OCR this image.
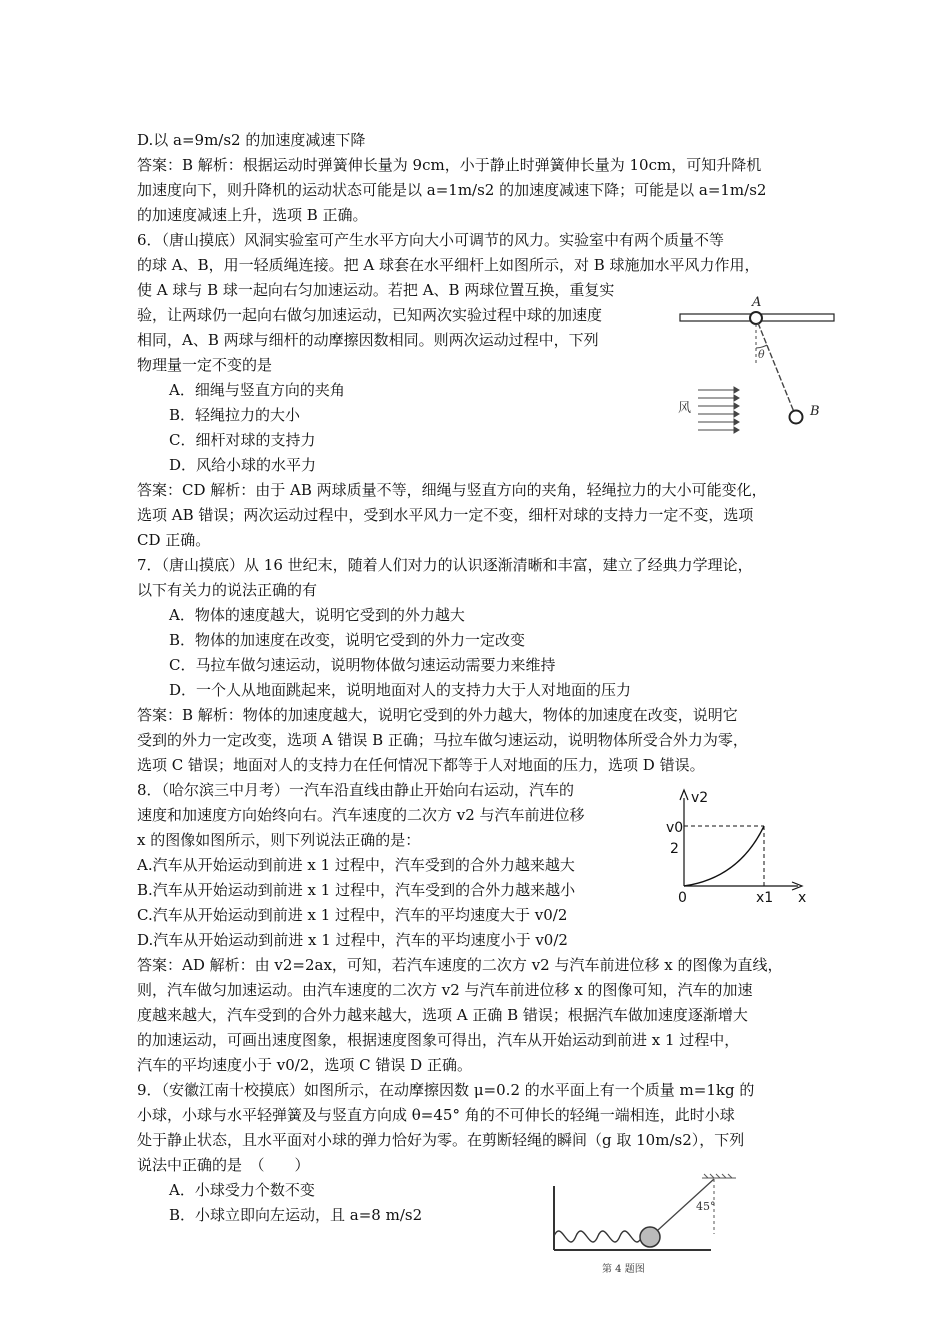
D.以 a=9m/s2 的加速度减速下降
答案：B 解析：根据运动时弹簧伸长量为 9cm，小于静止时弹簧伸长量为 10cm，可知升降机
加速度向下，则升降机的运动状态可能是以 a=1m/s2 的加速度减速下降；可能是以 a=1m/s2
的加速度减速上升，选项 B 正确。
6．（唐山摸底）风洞实验室可产生水平方向大小可调节的风力。实验室中有两个质量不等
的球 A、B，用一轻质绳连接。把 A 球套在水平细杆上如图所示，对 B 球施加水平风力作用，
使 A 球与 B 球一起向右匀加速运动。若把 A、B 两球位置互换，重复实
验，让两球仍一起向右做匀加速运动，已知两次实验过程中球的加速度
相同，A、B 两球与细杆的动摩擦因数相同。则两次运动过程中，下列
物理量一定不变的是
A．细绳与竖直方向的夹角
B．轻绳拉力的大小
C．细杆对球的支持力
D．风给小球的水平力
答案：CD 解析：由于 AB 两球质量不等，细绳与竖直方向的夹角，轻绳拉力的大小可能变化，
选项 AB 错误；两次运动过程中，受到水平风力一定不变，细杆对球的支持力一定不变，选项
CD 正确。
7．（唐山摸底）从 16 世纪末，随着人们对力的认识逐渐清晰和丰富，建立了经典力学理论，
以下有关力的说法正确的有
A．物体的速度越大，说明它受到的外力越大
B．物体的加速度在改变，说明它受到的外力一定改变
C．马拉车做匀速运动，说明物体做匀速运动需要力来维持
D．一个人从地面跳起来，说明地面对人的支持力大于人对地面的压力
答案：B 解析：物体的加速度越大，说明它受到的外力越大，物体的加速度在改变，说明它
受到的外力一定改变，选项 A 错误 B 正确；马拉车做匀速运动，说明物体所受合外力为零，
选项 C 错误；地面对人的支持力在任何情况下都等于人对地面的压力，选项 D 错误。
8．（哈尔滨三中月考）一汽车沿直线由静止开始向右运动，汽车的
速度和加速度方向始终向右。汽车速度的二次方 v2 与汽车前进位移
x 的图像如图所示，则下列说法正确的是：
A.汽车从开始运动到前进 x 1 过程中，汽车受到的合外力越来越大
B.汽车从开始运动到前进 x 1 过程中，汽车受到的合外力越来越小
C.汽车从开始运动到前进 x 1 过程中，汽车的平均速度大于 v0/2
D.汽车从开始运动到前进 x 1 过程中，汽车的平均速度小于 v0/2
答案：AD 解析：由 v2=2ax，可知，若汽车速度的二次方 v2 与汽车前进位移 x 的图像为直线，
则，汽车做匀加速运动。由汽车速度的二次方 v2 与汽车前进位移 x 的图像可知，汽车的加速
度越来越大，汽车受到的合外力越来越大，选项 A 正确 B 错误；根据汽车做加速度逐渐增大
的加速运动，可画出速度图象，根据速度图象可得出，汽车从开始运动到前进 x 1 过程中，
汽车的平均速度小于 v0/2，选项 C 错误 D 正确。
9．（安徽江南十校摸底）如图所示，在动摩擦因数 μ=0.2 的水平面上有一个质量 m=1kg 的
小球，小球与水平轻弹簧及与竖直方向成 θ=45° 角的不可伸长的轻绳一端相连，此时小球
处于静止状态，且水平面对小球的弹力恰好为零。在剪断轻绳的瞬间（g 取 10m/s2），下列
说法中正确的是　（　　）
A．小球受力个数不变
B．小球立即向左运动，且 a=8 m/s2
A
θ
B
风
v2
v0
2
0	x1 x
45°
第 4 题图
